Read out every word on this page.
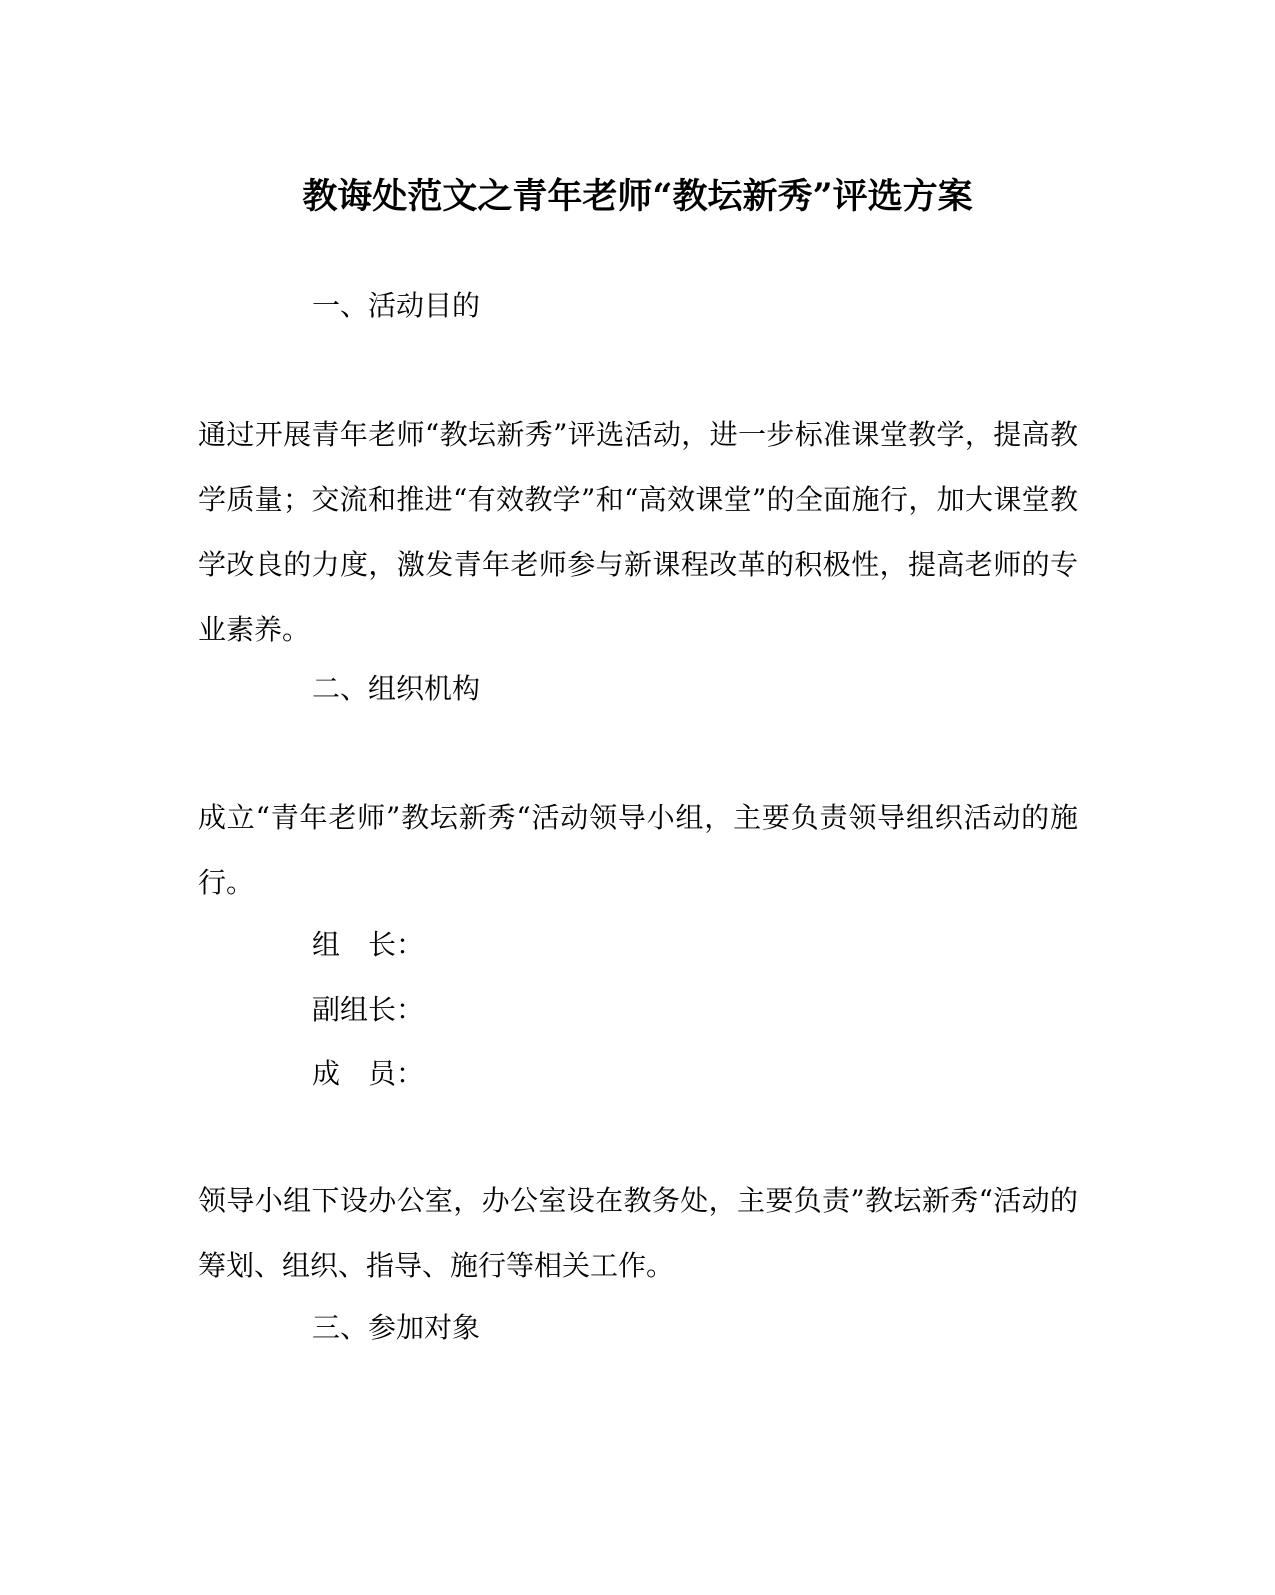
教诲处范文之青年老师“教坛新秀”评选方案
一、活动目的
通过开展青年老师“教坛新秀”评选活动，进一步标准课堂教学，提高教学质量；交流和推进“有效教学”和“高效课堂”的全面施行，加大课堂教学改良的力度，激发青年老师参与新课程改革的积极性，提高老师的专业素养。
二、组织机构
成立“青年老师”教坛新秀“活动领导小组，主要负责领导组织活动的施行。
组　长：
副组长：
成　员：
领导小组下设办公室，办公室设在教务处，主要负责”教坛新秀“活动的筹划、组织、指导、施行等相关工作。
三、参加对象
